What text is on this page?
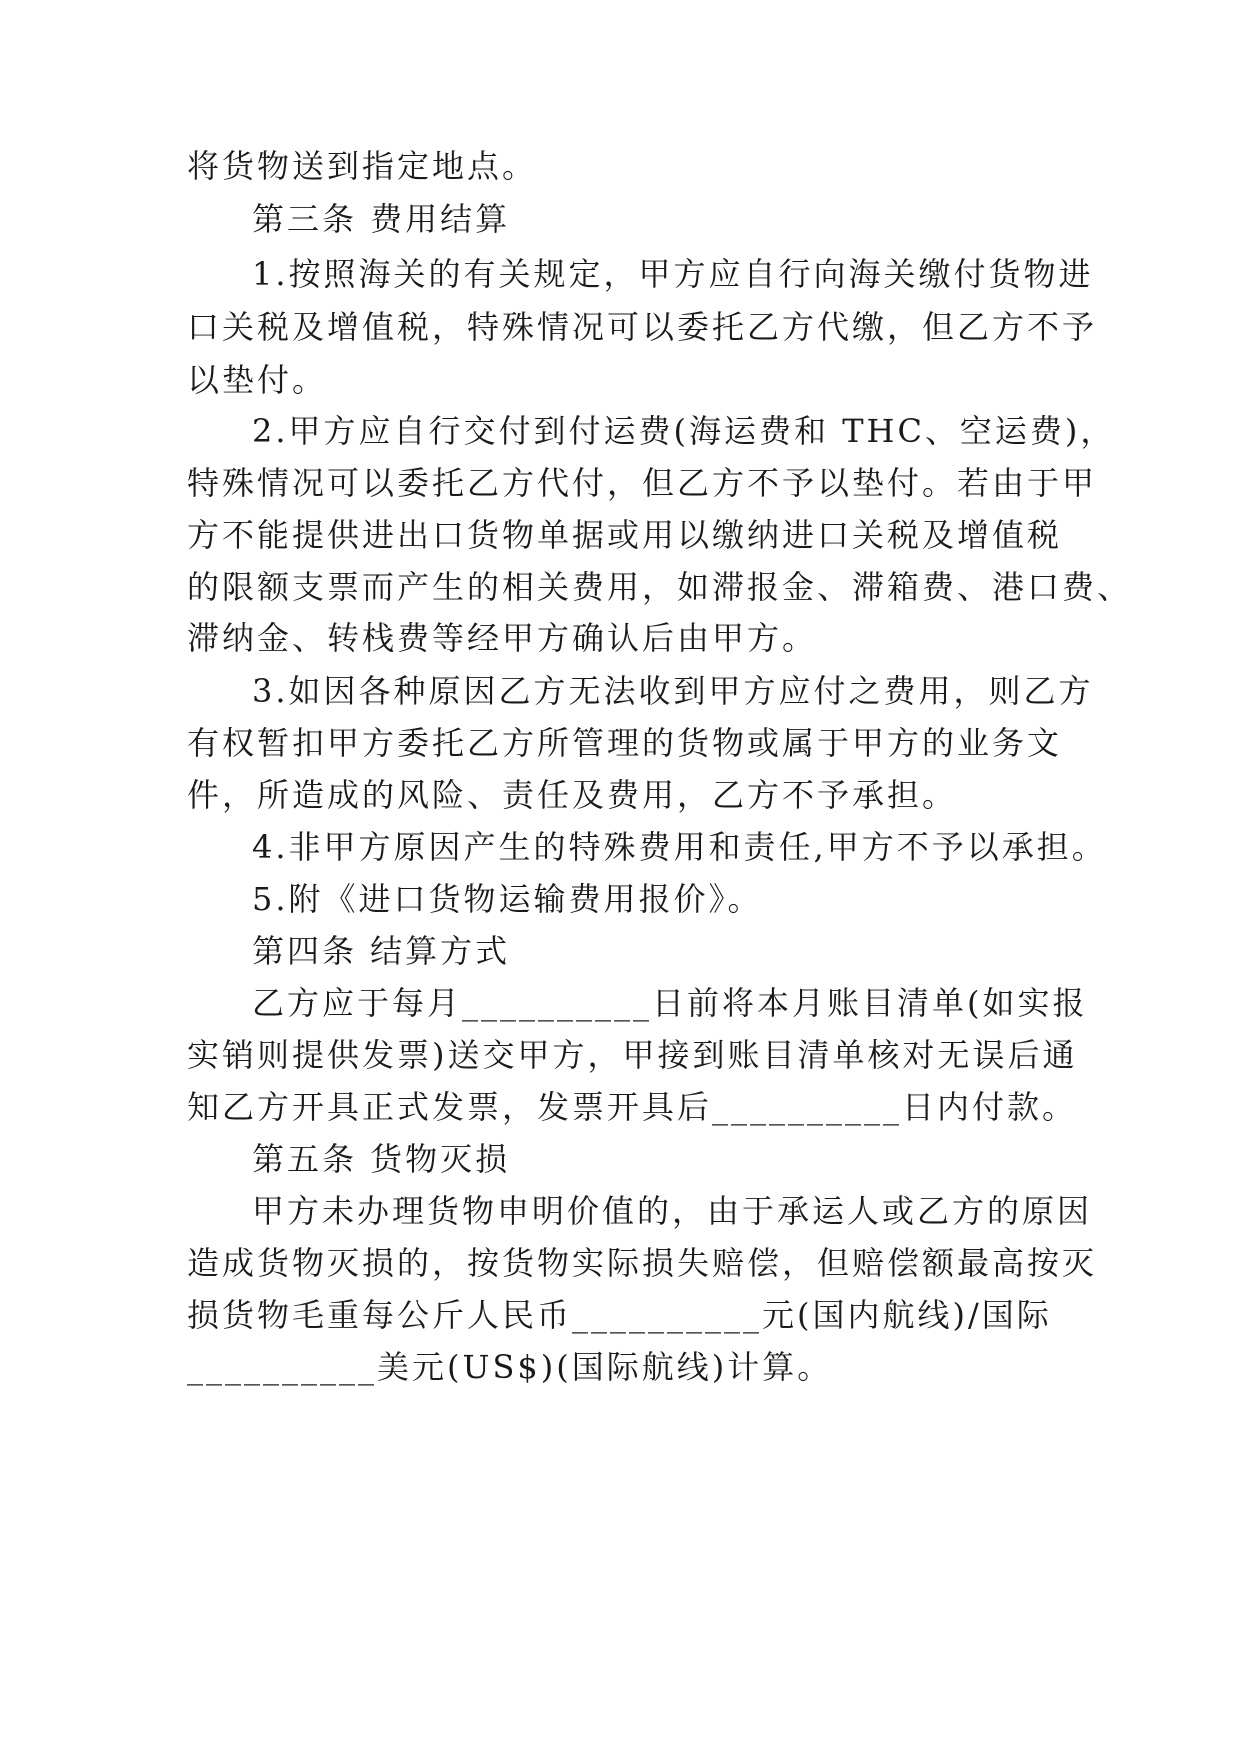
将货物送到指定地点。
第三条 费用结算
1.按照海关的有关规定，甲方应自行向海关缴付货物进
口关税及增值税，特殊情况可以委托乙方代缴，但乙方不予
以垫付。
2.甲方应自行交付到付运费(海运费和 THC、空运费)，
特殊情况可以委托乙方代付，但乙方不予以垫付。若由于甲
方不能提供进出口货物单据或用以缴纳进口关税及增值税
的限额支票而产生的相关费用，如滞报金、滞箱费、港口费、
滞纳金、转栈费等经甲方确认后由甲方。
3.如因各种原因乙方无法收到甲方应付之费用，则乙方
有权暂扣甲方委托乙方所管理的货物或属于甲方的业务文
件，所造成的风险、责任及费用，乙方不予承担。
4.非甲方原因产生的特殊费用和责任,甲方不予以承担。
5.附《进口货物运输费用报价》。
第四条 结算方式
乙方应于每月__________日前将本月账目清单(如实报
实销则提供发票)送交甲方，甲接到账目清单核对无误后通
知乙方开具正式发票，发票开具后__________日内付款。
第五条 货物灭损
甲方未办理货物申明价值的，由于承运人或乙方的原因
造成货物灭损的，按货物实际损失赔偿，但赔偿额最高按灭
损货物毛重每公斤人民币__________元(国内航线)/国际
__________美元(US$)(国际航线)计算。
